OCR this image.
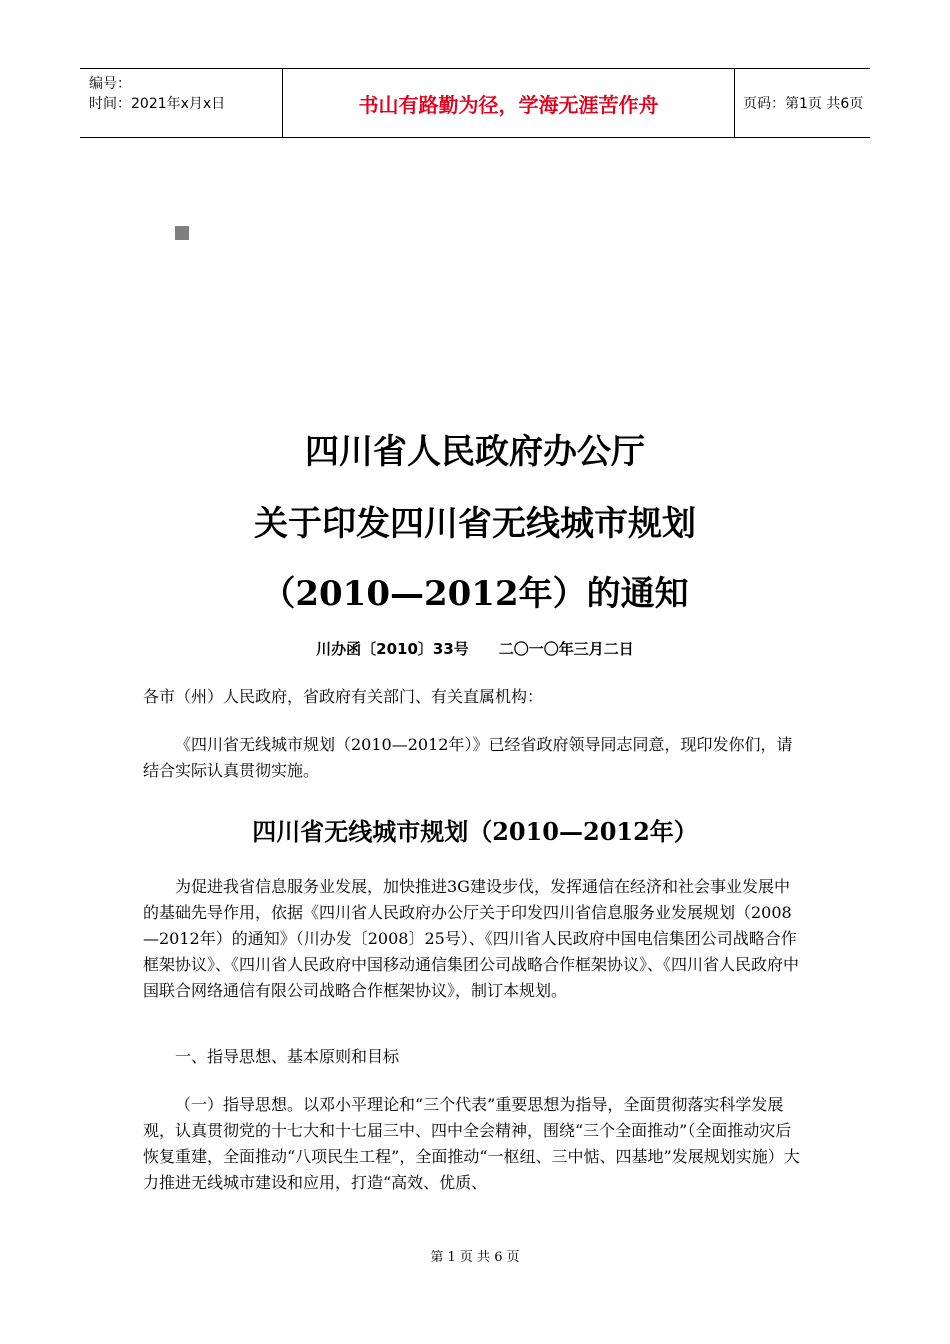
编号：
时间：2021年x月x日	书山有路勤为径，学海无涯苦作舟	页码：第1页 共6页
四川省人民政府办公厅
关于印发四川省无线城市规划
（2010—2012年）的通知
川办函〔2010〕33号 二〇一〇年三月二日
各市（州）人民政府，省政府有关部门、有关直属机构：
《四川省无线城市规划（2010—2012年）》已经省政府领导同志同意，现印发你们，请结合实际认真贯彻实施。
四川省无线城市规划（2010—2012年）
为促进我省信息服务业发展，加快推进3G建设步伐，发挥通信在经济和社会事业发展中的基础先导作用，依据《四川省人民政府办公厅关于印发四川省信息服务业发展规划（2008—2012年）的通知》（川办发〔2008〕25号）、《四川省人民政府中国电信集团公司战略合作框架协议》、《四川省人民政府中国移动通信集团公司战略合作框架协议》、《四川省人民政府中国联合网络通信有限公司战略合作框架协议》，制订本规划。
一、指导思想、基本原则和目标
（一）指导思想。以邓小平理论和“三个代表”重要思想为指导，全面贯彻落实科学发展观，认真贯彻党的十七大和十七届三中、四中全会精神，围绕“三个全面推动”（全面推动灾后恢复重建，全面推动“八项民生工程”，全面推动“一枢纽、三中惦、四基地”发展规划实施）大力推进无线城市建设和应用，打造“高效、优质、
第 1 页 共 6 页
